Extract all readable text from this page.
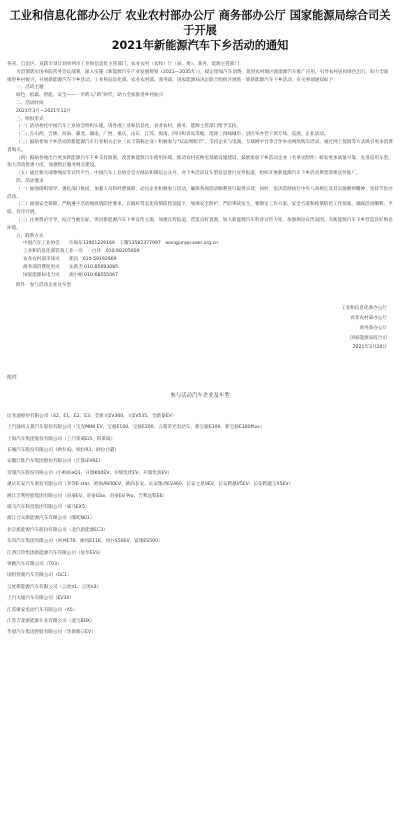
工业和信息化部办公厅 农业农村部办公厅 商务部办公厅 国家能源局综合司关于开展
2021年新能源汽车下乡活动的通知

各省、自治区、直辖市及计划单列市工业和信息化主管部门、农业农村（农牧）厅（局、委）、商务、能源主管部门：

为贯彻落实国务院常务会议部署，深入实施《新能源汽车产业发展规划（2021—2035年）》，稳定增加汽车消费，促进农村地区新能源汽车推广应用，引导农村居民绿色出行，助力全面推进乡村振兴，开展新能源汽车下乡活动。工业和信息化部、农业农村部、商务部、国家能源局决定联合组织开展新一轮新能源汽车下乡活动，有关事项通知如下：

一、活动主题

绿色、低碳、智能、安全——一步跨入“新”时代，助力全面推进乡村振兴

二、活动时间

2021年3月—2021年12月

三、组织形式

（一）活动委托中国汽车工业协会组织实施，请各地工业和信息化、农业农村、商务、能源主管部门给予支持。

（二）在山西、吉林、河南、湖北、湖南、广西、重庆、山东、江苏、海南、四川和青岛等地，选择三四线城市、县区举办若干场专场、巡展、企业活动。

（三）鼓励参加下乡活动的新能源汽车行业相关企业（以下简称企业）积极参与“双品网购节”，支持企业与电商、互联网平台等合作举办网络购车活动，通过网上促销等方式吸引更多消费者购买。

（四）鼓励各地出台更多新能源汽车下乡支持政策，改善新能源汽车使用环境，推动农村充换电基础设施建设，鼓励参加下乡活动企业（名单见附件）研发更多质量可靠、先进适用车型，加大活动优惠力度，加强售后服务网点建设。

（五）通过相关部委网站等宣传平台、中国汽车工业协会官方网站和微信公众号，对下乡活动及车型信息进行宣传报道，组织开展新能源汽车下乡活动典型效果宣传推广。

四、活动要求

（一）加强组织领导，强化部门协同，加强人员和经费保障，动员企业积极参与活动，确保各项活动顺利进行取得实效。同时，坚决贯彻执行中央八项规定及其实施细则精神，坚持节俭办活动。

（二）加强安全保障，严格遵守活动地疫情防控要求，在做好常态化疫情防控前提下，加强安全防护，严防事故发生，要制定工作方案、安全方案和疫情防控工作预案，确保活动顺利、平稳、有序开展。

（三）注重舆论引导，结合当地实际，突出新能源汽车下乡宣传主题，加强宣传报道，营造良好氛围，加大新能源汽车科普宣传力度，加强舆论宣传氛围，为新能源汽车下乡营造良好舆论环境。

五、联系方式

中国汽车工业协会　　许海东13901229166　王耀13582377997　wangjun@caam.org.cn

工业和信息化部装备工业一司　　白洋　010-68205609

农业农村部市场司　　郑昌　010-59192909

商务部消费促进司　　宋禹杰 010-85093085

国家能源局电力司　　胡小刚 010-68555067

附件：参与活动企业及车型

工业和信息化部办公厅
农业农村部办公厅
商务部办公厅
国家能源局综合司
2021年3月26日
附件
参与活动汽车企业及车型

比亚迪股份有限公司（S2、E1、E2、E3、全新元EV360、元EV535、全新秦EV）

上汽通用五菱汽车股份有限公司（宝光MINI EV、宝骏E100、宝骏E200、五菱荣光电动车、新宝骏E300、新宝骏E300Plus）

上海汽车集团股份有限公司（上汽荣威Ei5、科莱威）

长城汽车股份有限公司（欧拉iQ、欧拉R1、欧拉白猫）

安徽江淮汽车集团股份有限公司（江淮iEV6E）

奇瑞汽车股份有限公司（小蚂蚁eQ1、开瑞K60EV、开瑞优优EV、开瑞优劲EV）

重庆长安汽车股份有限公司（奔奔E-star、欧尚A600EV、欧尚长安、长安逸动EV460、长安之星9EV、长安跨越V5EV、长安跨越王X5EV）

浙江吉利控股集团有限公司（帝豪EV、帝豪GSe、帝豪EV Pro、吉利远程E6）

威马汽车科技集团有限公司（威马EX5）

浙江合众新能源汽车有限公司（哪吒N01）

北京新能源汽车股份有限公司（北汽新能源EC3）

东风汽车集团有限公司（风神E70、俊风E11K、风行S50EV、富康ES500）

江西江铃集团新能源汽车有限公司（易至EV3）

零跑汽车有限公司（T03）

国机智骏汽车有限公司（GC1）

云度新能源汽车有限公司（云度π1、云度π3）

上汽大通汽车有限公司（EV30）

江苏敏安电动汽车有限公司（A5）

江苏吉麦新能源车业有限公司（凌宝BOX）

华晨汽车集团控股有限公司（华晨新日EV）
